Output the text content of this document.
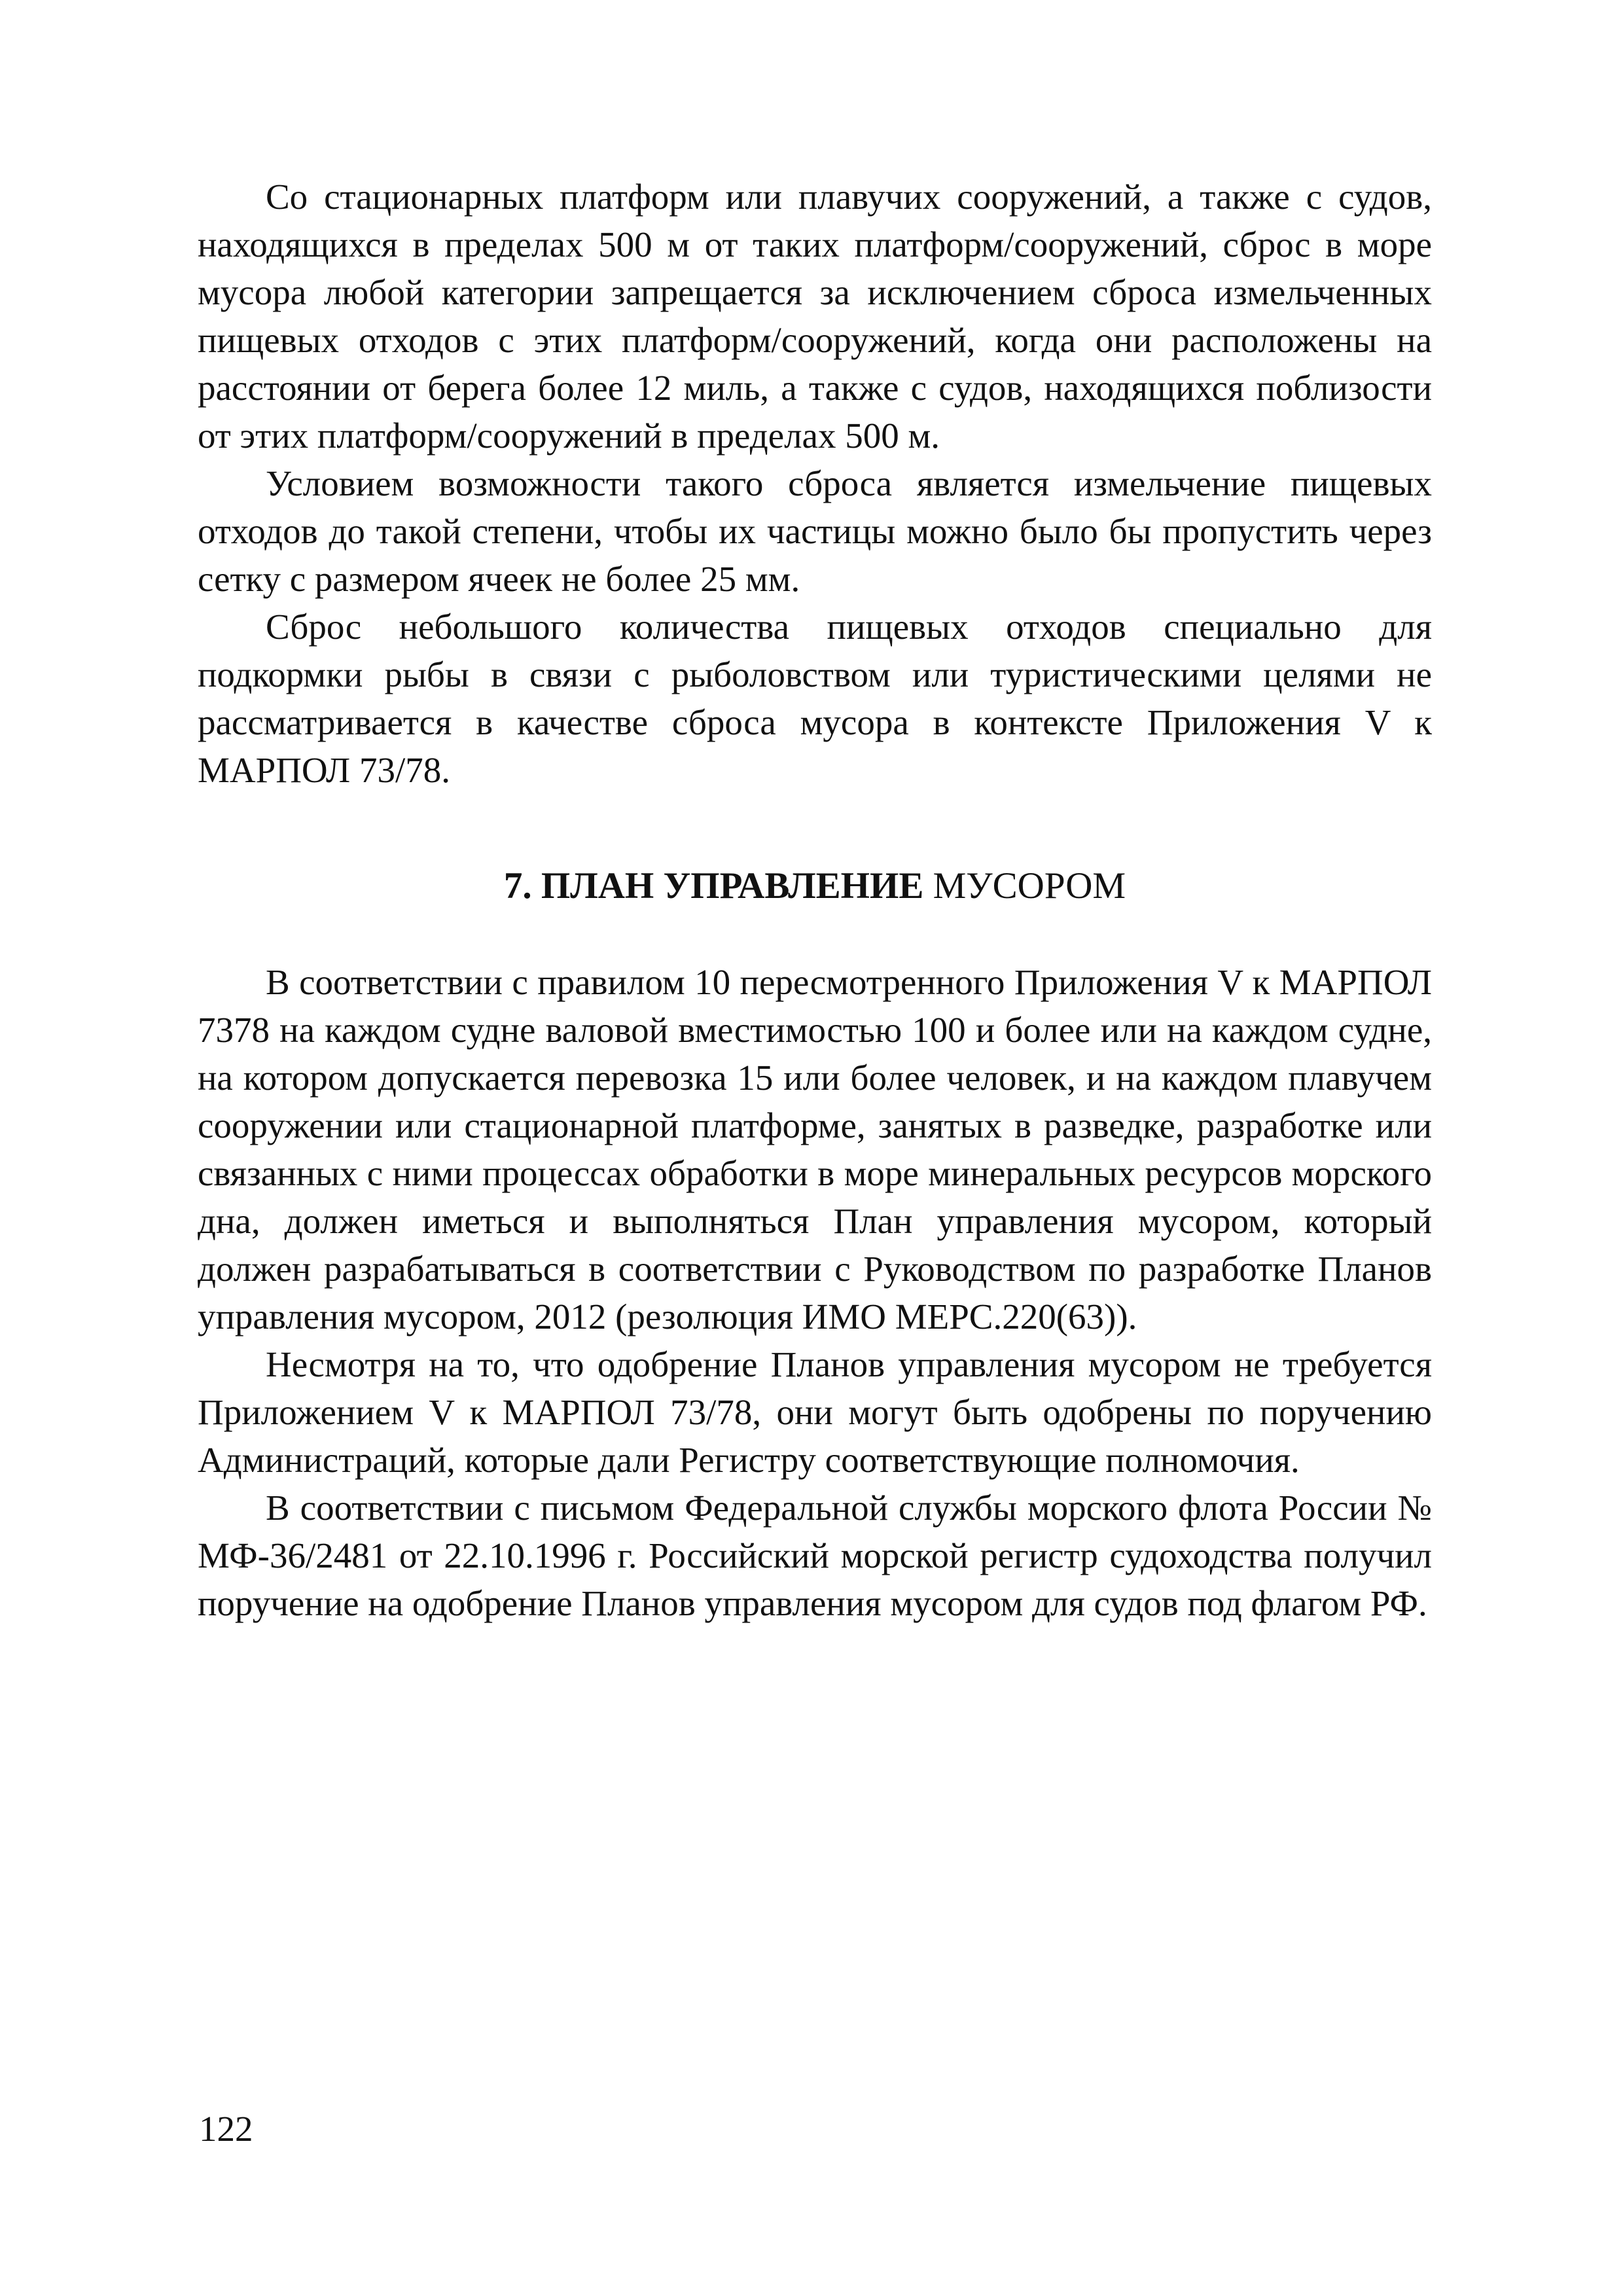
Со стационарных платформ или плавучих сооружений, а также с судов, находящихся в пределах 500 м от таких платформ/сооружений, сброс в море мусора любой категории запрещается за исключением сброса измельченных пищевых отходов с этих платформ/сооружений, когда они расположены на расстоянии от берега более 12 миль, а также с судов, находящихся поблизости от этих платформ/сооружений в пределах 500 м.

Условием возможности такого сброса является измельчение пищевых отходов до такой степени, чтобы их частицы можно было бы пропустить через сетку с размером ячеек не более 25 мм.

Сброс небольшого количества пищевых отходов специально для подкормки рыбы в связи с рыболовством или туристическими целями не рассматривается в качестве сброса мусора в контексте Приложения V к МАРПОЛ 73/78.

7. ПЛАН УПРАВЛЕНИЕ МУСОРОМ

В соответствии с правилом 10 пересмотренного Приложения V к МАРПОЛ 7378 на каждом судне валовой вместимостью 100 и более или на каждом судне, на котором допускается перевозка 15 или более человек, и на каждом плавучем сооружении или стационарной платформе, занятых в разведке, разработке или связанных с ними процессах обработки в море минеральных ресурсов морского дна, должен иметься и выполняться План управления мусором, который должен разрабатываться в соответствии с Руководством по разработке Планов управления мусором, 2012 (резолюция ИМО MEPC.220(63)).

Несмотря на то, что одобрение Планов управления мусором не требуется Приложением V к МАРПОЛ 73/78, они могут быть одобрены по поручению Администраций, которые дали Регистру соответствующие полномочия.

В соответствии с письмом Федеральной службы морского флота России № МФ-36/2481 от 22.10.1996 г. Российский морской регистр судоходства получил поручение на одобрение Планов управления мусором для судов под флагом РФ.

122
